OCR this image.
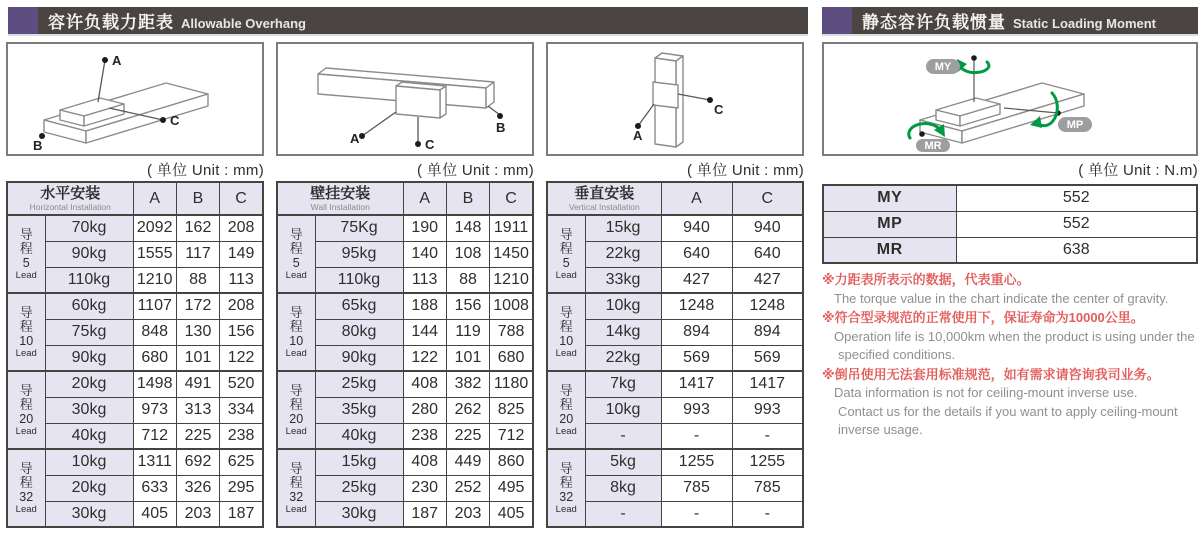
容许负载力距表 Allowable Overhang	静态容许负载惯量 Static Loading Moment
A
C
B	A	C
B
A
C
MY
MP
MR
( 单位 Unit : mm)	( 单位 Unit : mm)	( 单位 Unit : mm)	( 单位 Unit : N.m)
水平安装
Horizontal Installation		A	B	C

导
程
5
Lead	70kg	2092	162	208
	90kg	1555	117	149
	110kg	1210	88	113

导
程
10
Lead	60kg	1107	172	208
	75kg	848	130	156
	90kg	680	101	122

导
程
20
Lead	20kg	1498	491	520
	30kg	973	313	334
	40kg	712	225	238

导
程
32
Lead	10kg	1311	692	625
	20kg	633	326	295
	30kg	405	203	187
壁挂安装
Wall Installation		A	B	C

导
程
5
Lead	75Kg	190	148	1911
	95kg	140	108	1450
	110kg	113	88	1210

导
程
10
Lead	65kg	188	156	1008
	80kg	144	119	788
	90kg	122	101	680

导
程
20
Lead	25kg	408	382	1180
	35kg	280	262	825
	40kg	238	225	712

导
程
32
Lead	15kg	408	449	860
	25kg	230	252	495
	30kg	187	203	405
垂直安装
Vertical Installation		A	C

导
程
5
Lead	15kg	940	940
	22kg	640	640
	33kg	427	427

导
程
10
Lead	10kg	1248	1248
	14kg	894	894
	22kg	569	569

导
程
20
Lead	7kg	1417	1417
	10kg	993	993
	-	-	-

导
程
32
Lead	5kg	1255	1255
	8kg	785	785
	-	-	-
MY	552
MP	552
MR	638
※力距表所表示的数据，代表重心。
The torque value in the chart indicate the center of gravity.
※符合型录规范的正常使用下，保证寿命为10000公里。
Operation life is 10,000km when the product is using under the
specified conditions.
※倒吊使用无法套用标准规范，如有需求请咨询我司业务。
Data information is not for ceiling-mount inverse use.
Contact us for the details if you want to apply ceiling-mount
inverse usage.
